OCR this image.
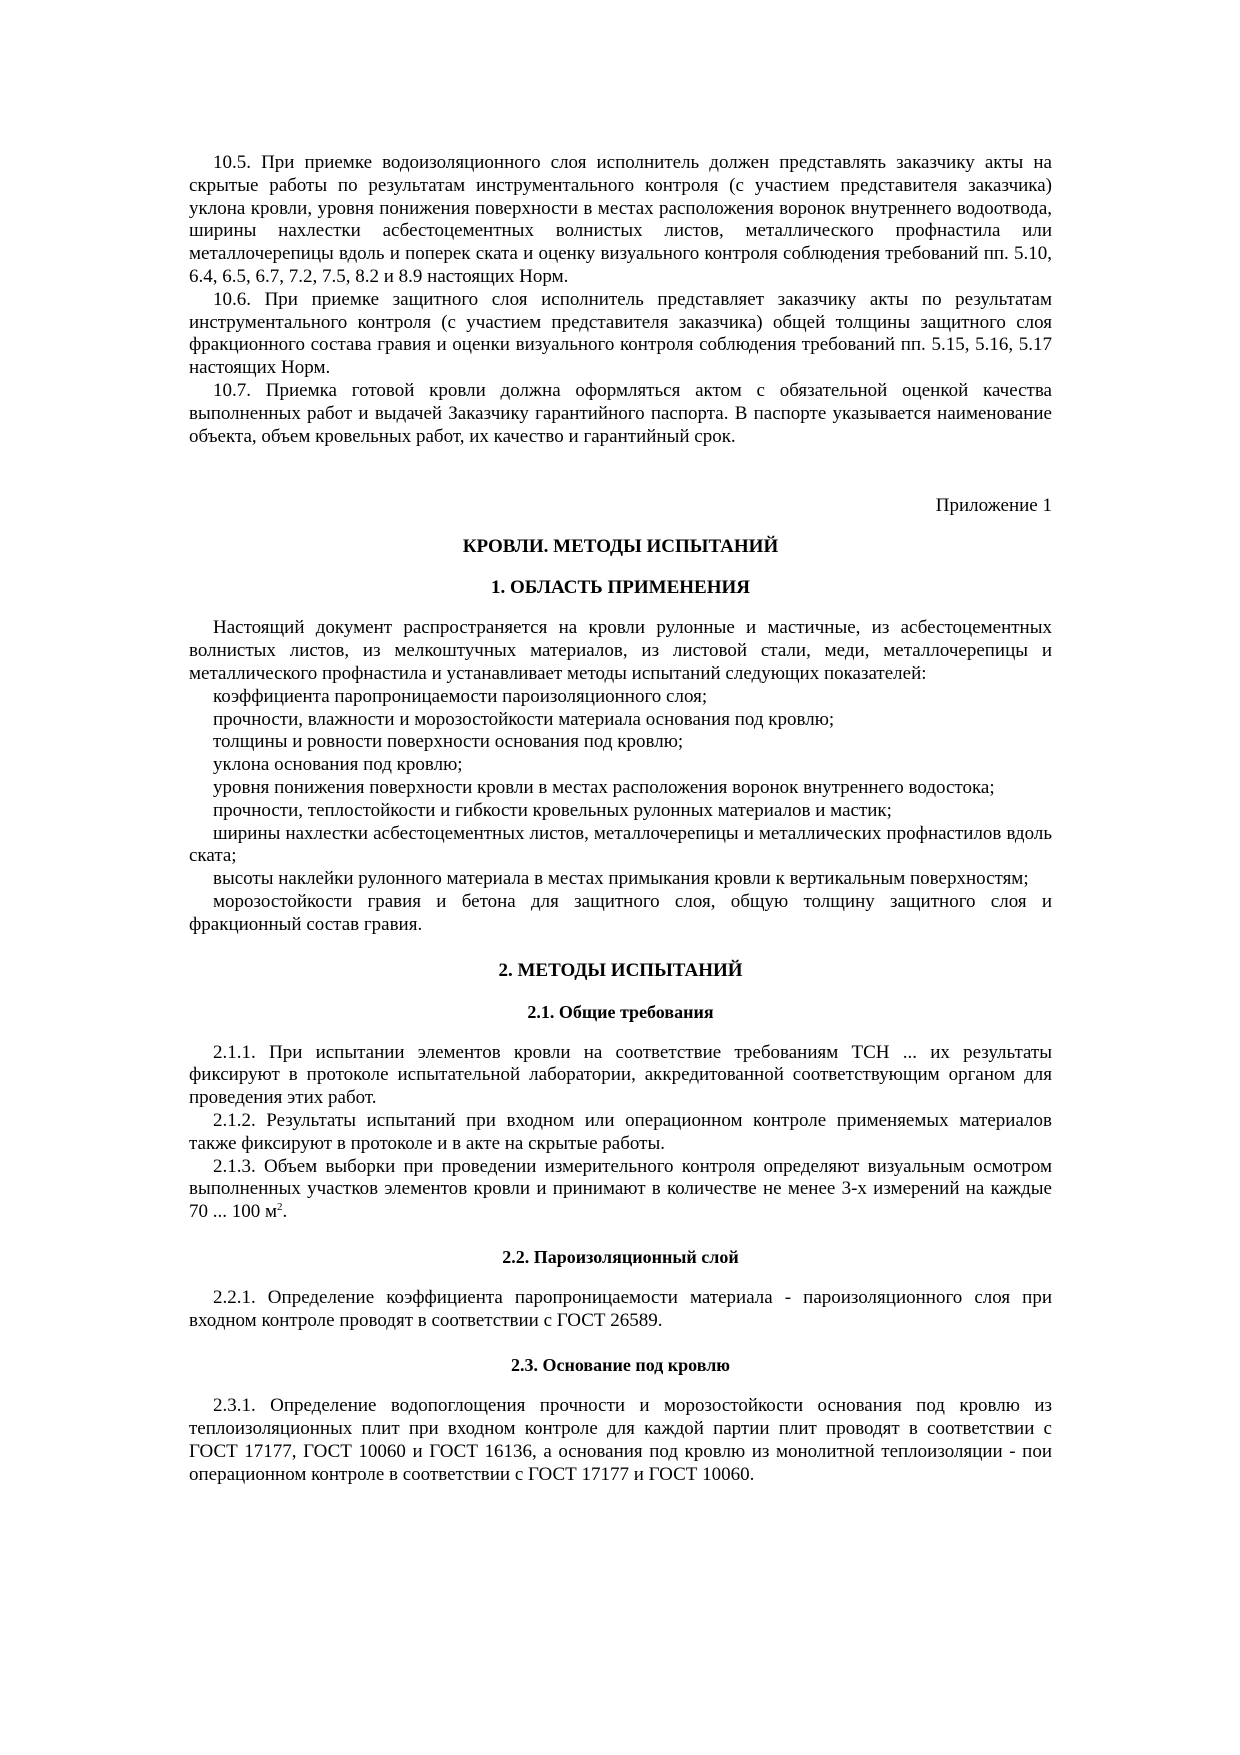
10.5. При приемке водоизоляционного слоя исполнитель должен представлять заказчику акты на скрытые работы по результатам инструментального контроля (с участием представителя заказчика) уклона кровли, уровня понижения поверхности в местах расположения воронок внутреннего водоотвода, ширины нахлестки асбестоцементных волнистых листов, металлического профнастила или металлочерепицы вдоль и поперек ската и оценку визуального контроля соблюдения требований пп. 5.10, 6.4, 6.5, 6.7, 7.2, 7.5, 8.2 и 8.9 настоящих Норм.

10.6. При приемке защитного слоя исполнитель представляет заказчику акты по результатам инструментального контроля (с участием представителя заказчика) общей толщины защитного слоя фракционного состава гравия и оценки визуального контроля соблюдения требований пп. 5.15, 5.16, 5.17 настоящих Норм.

10.7. Приемка готовой кровли должна оформляться актом с обязательной оценкой качества выполненных работ и выдачей Заказчику гарантийного паспорта. В паспорте указывается наименование объекта, объем кровельных работ, их качество и гарантийный срок.

Приложение 1

КРОВЛИ. МЕТОДЫ ИСПЫТАНИЙ

1. ОБЛАСТЬ ПРИМЕНЕНИЯ

Настоящий документ распространяется на кровли рулонные и мастичные, из асбестоцементных волнистых листов, из мелкоштучных материалов, из листовой стали, меди, металлочерепицы и металлического профнастила и устанавливает методы испытаний следующих показателей:

коэффициента паропроницаемости пароизоляционного слоя;

прочности, влажности и морозостойкости материала основания под кровлю;

толщины и ровности поверхности основания под кровлю;

уклона основания под кровлю;

уровня понижения поверхности кровли в местах расположения воронок внутреннего водостока;

прочности, теплостойкости и гибкости кровельных рулонных материалов и мастик;

ширины нахлестки асбестоцементных листов, металлочерепицы и металлических профнастилов вдоль ската;

высоты наклейки рулонного материала в местах примыкания кровли к вертикальным поверхностям;

морозостойкости гравия и бетона для защитного слоя, общую толщину защитного слоя и фракционный состав гравия.

2. МЕТОДЫ ИСПЫТАНИЙ

2.1. Общие требования

2.1.1. При испытании элементов кровли на соответствие требованиям ТСН ... их результаты фиксируют в протоколе испытательной лаборатории, аккредитованной соответствующим органом для проведения этих работ.

2.1.2. Результаты испытаний при входном или операционном контроле применяемых материалов также фиксируют в протоколе и в акте на скрытые работы.

2.1.3. Объем выборки при проведении измерительного контроля определяют визуальным осмотром выполненных участков элементов кровли и принимают в количестве не менее 3-х измерений на каждые 70 ... 100 $м^2$.

2.2. Пароизоляционный слой

2.2.1. Определение коэффициента паропроницаемости материала - пароизоляционного слоя при входном контроле проводят в соответствии с ГОСТ 26589.

2.3. Основание под кровлю

2.3.1. Определение водопоглощения прочности и морозостойкости основания под кровлю из теплоизоляционных плит при входном контроле для каждой партии плит проводят в соответствии с ГОСТ 17177, ГОСТ 10060 и ГОСТ 16136, а основания под кровлю из монолитной теплоизоляции - пои операционном контроле в соответствии с ГОСТ 17177 и ГОСТ 10060.
